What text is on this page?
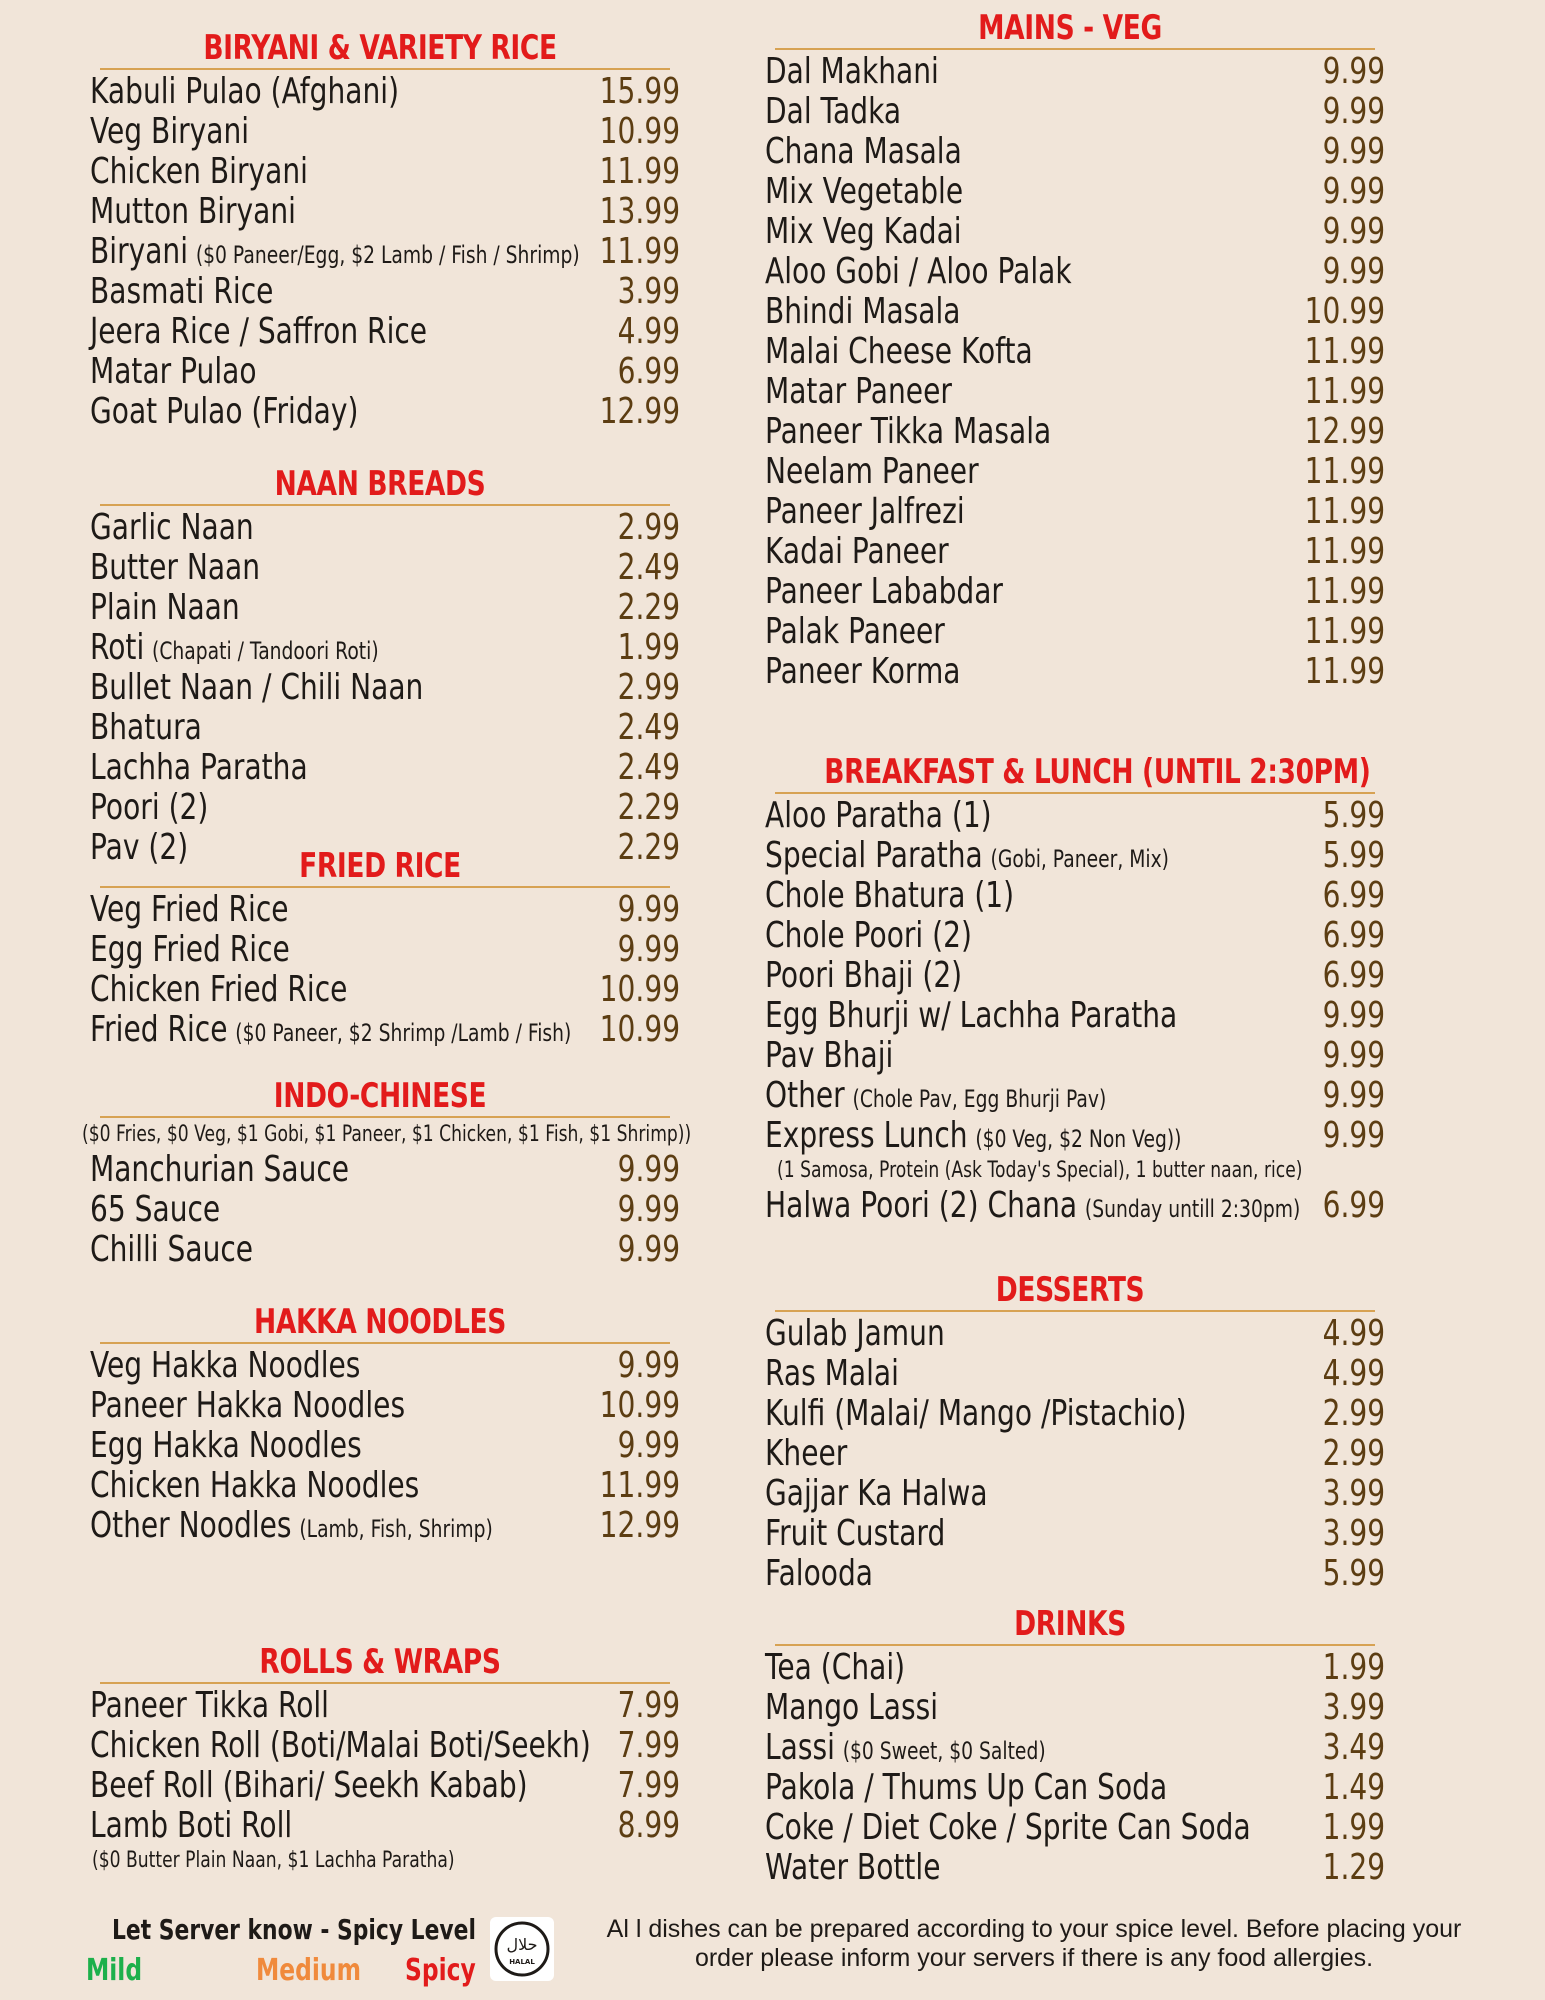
BIRYANI & VARIETY RICE
Kabuli Pulao (Afghani)	15.99
Veg Biryani	10.99
Chicken Biryani	11.99
Mutton Biryani	13.99
Biryani ($0 Paneer/Egg, $2 Lamb / Fish / Shrimp) 11.99
Basmati Rice	3.99
Jeera Rice / Saffron Rice	4.99
Matar Pulao	6.99
Goat Pulao (Friday)	12.99
NAAN BREADS
Garlic Naan	2.99
Butter Naan	2.49
Plain Naan	2.29
Roti (Chapati / Tandoori Roti)	1.99
Bullet Naan / Chili Naan	2.99
Bhatura	2.49
Lachha Paratha	2.49
Poori (2)	2.29
Pav (2)	2.29
FRIED RICE
Veg Fried Rice	9.99
Egg Fried Rice	9.99
Chicken Fried Rice	10.99
Fried Rice ($0 Paneer, $2 Shrimp /Lamb / Fish) 10.99
INDO-CHINESE
($0 Fries, $0 Veg, $1 Gobi, $1 Paneer, $1 Chicken, $1 Fish, $1 Shrimp))
Manchurian Sauce	9.99
65 Sauce	9.99
Chilli Sauce	9.99
HAKKA NOODLES
Veg Hakka Noodles	9.99
Paneer Hakka Noodles	10.99
Egg Hakka Noodles	9.99
Chicken Hakka Noodles	11.99
Other Noodles (Lamb, Fish, Shrimp)	12.99
ROLLS & WRAPS
Paneer Tikka Roll	7.99
Chicken Roll (Boti/Malai Boti/Seekh) 7.99
Beef Roll (Bihari/ Seekh Kabab) 7.99
Lamb Boti Roll	8.99
($0 Butter Plain Naan, $1 Lachha Paratha)
MAINS - VEG
Dal Makhani	9.99
Dal Tadka	9.99
Chana Masala	9.99
Mix Vegetable	9.99
Mix Veg Kadai	9.99
Aloo Gobi / Aloo Palak	9.99
Bhindi Masala	10.99
Malai Cheese Kofta	11.99
Matar Paneer	11.99
Paneer Tikka Masala	12.99
Neelam Paneer	11.99
Paneer Jalfrezi	11.99
Kadai Paneer	11.99
Paneer Lababdar	11.99
Palak Paneer	11.99
Paneer Korma	11.99
BREAKFAST & LUNCH (UNTIL 2:30PM)
Aloo Paratha (1)	5.99
Special Paratha (Gobi, Paneer, Mix)	5.99
Chole Bhatura (1)	6.99
Chole Poori (2)	6.99
Poori Bhaji (2)	6.99
Egg Bhurji w/ Lachha Paratha	9.99
Pav Bhaji	9.99
Other (Chole Pav, Egg Bhurji Pav)	9.99
Express Lunch ($0 Veg, $2 Non Veg))	9.99
(1 Samosa, Protein (Ask Today's Special), 1 butter naan, rice)
Halwa Poori (2) Chana (Sunday untill 2:30pm) 6.99
DESSERTS
Gulab Jamun	4.99
Ras Malai	4.99
Kulfi (Malai/ Mango /Pistachio)	2.99
Kheer	2.99
Gajjar Ka Halwa	3.99
Fruit Custard	3.99
Falooda	5.99
DRINKS
Tea (Chai)	1.99
Mango Lassi	3.99
Lassi ($0 Sweet, $0 Salted)	3.49
Pakola / Thums Up Can Soda	1.49
Coke / Diet Coke / Sprite Can Soda 1.99
Water Bottle	1.29
Let Server know - Spicy Level
Mild	Medium Spicy
حلال
HALAL
Al l dishes can be prepared according to your spice level. Before placing your order please inform your servers if there is any food allergies.
